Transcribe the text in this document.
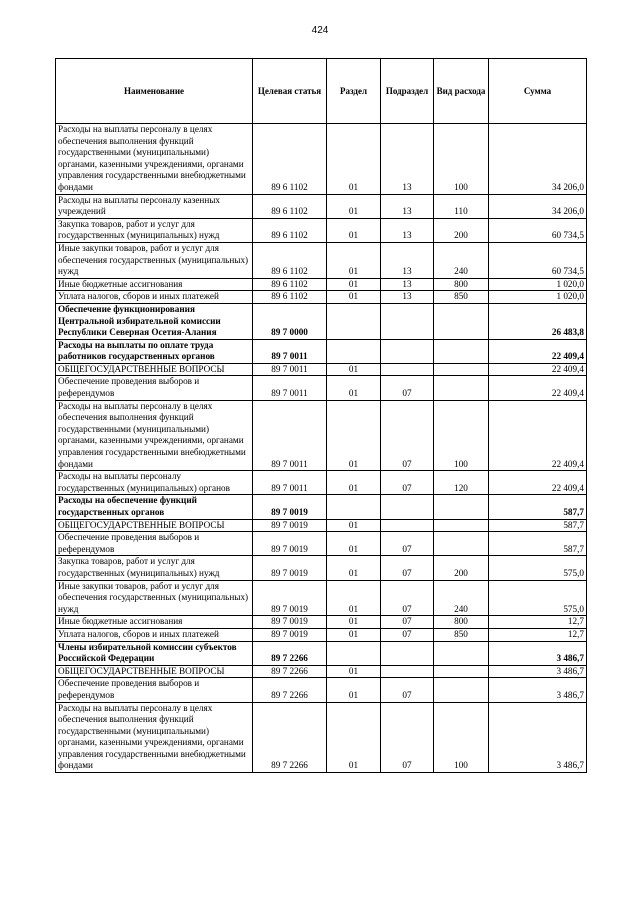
424
Наименование	Целевая статья	Раздел	Подраздел	Вид расхода	Сумма
Расходы на выплаты персоналу в целях обеспечения выполнения функций государственными (муниципальными) органами, казенными учреждениями, органами управления государственными внебюджетными фондами	89 6 1102	01	13	100	34 206,0
Расходы на выплаты персоналу казенных учреждений	89 6 1102	01	13	110	34 206,0
Закупка товаров, работ и услуг для государственных (муниципальных) нужд	89 6 1102	01	13	200	60 734,5
Иные закупки товаров, работ и услуг для обеспечения государственных (муниципальных) нужд	89 6 1102	01	13	240	60 734,5
Иные бюджетные ассигнования	89 6 1102	01	13	800	1 020,0
Уплата налогов, сборов и иных платежей	89 6 1102	01	13	850	1 020,0
Обеспечение функционирования Центральной избирательной комиссии Республики Северная Осетия-Алания	89 7 0000				26 483,8
Расходы на выплаты по оплате труда работников государственных органов	89 7 0011				22 409,4
ОБЩЕГОСУДАРСТВЕННЫЕ ВОПРОСЫ	89 7 0011	01			22 409,4
Обеспечение проведения выборов и референдумов	89 7 0011	01	07		22 409,4
Расходы на выплаты персоналу в целях обеспечения выполнения функций государственными (муниципальными) органами, казенными учреждениями, органами управления государственными внебюджетными фондами	89 7 0011	01	07	100	22 409,4
Расходы на выплаты персоналу государственных (муниципальных) органов	89 7 0011	01	07	120	22 409,4
Расходы на обеспечение функций государственных органов	89 7 0019				587,7
ОБЩЕГОСУДАРСТВЕННЫЕ ВОПРОСЫ	89 7 0019	01			587,7
Обеспечение проведения выборов и референдумов	89 7 0019	01	07		587,7
Закупка товаров, работ и услуг для государственных (муниципальных) нужд	89 7 0019	01	07	200	575,0
Иные закупки товаров, работ и услуг для обеспечения государственных (муниципальных) нужд	89 7 0019	01	07	240	575,0
Иные бюджетные ассигнования	89 7 0019	01	07	800	12,7
Уплата налогов, сборов и иных платежей	89 7 0019	01	07	850	12,7
Члены избирательной комиссии субъектов Российской Федерации	89 7 2266				3 486,7
ОБЩЕГОСУДАРСТВЕННЫЕ ВОПРОСЫ	89 7 2266	01			3 486,7
Обеспечение проведения выборов и референдумов	89 7 2266	01	07		3 486,7
Расходы на выплаты персоналу в целях обеспечения выполнения функций государственными (муниципальными) органами, казенными учреждениями, органами управления государственными внебюджетными фондами	89 7 2266	01	07	100	3 486,7
